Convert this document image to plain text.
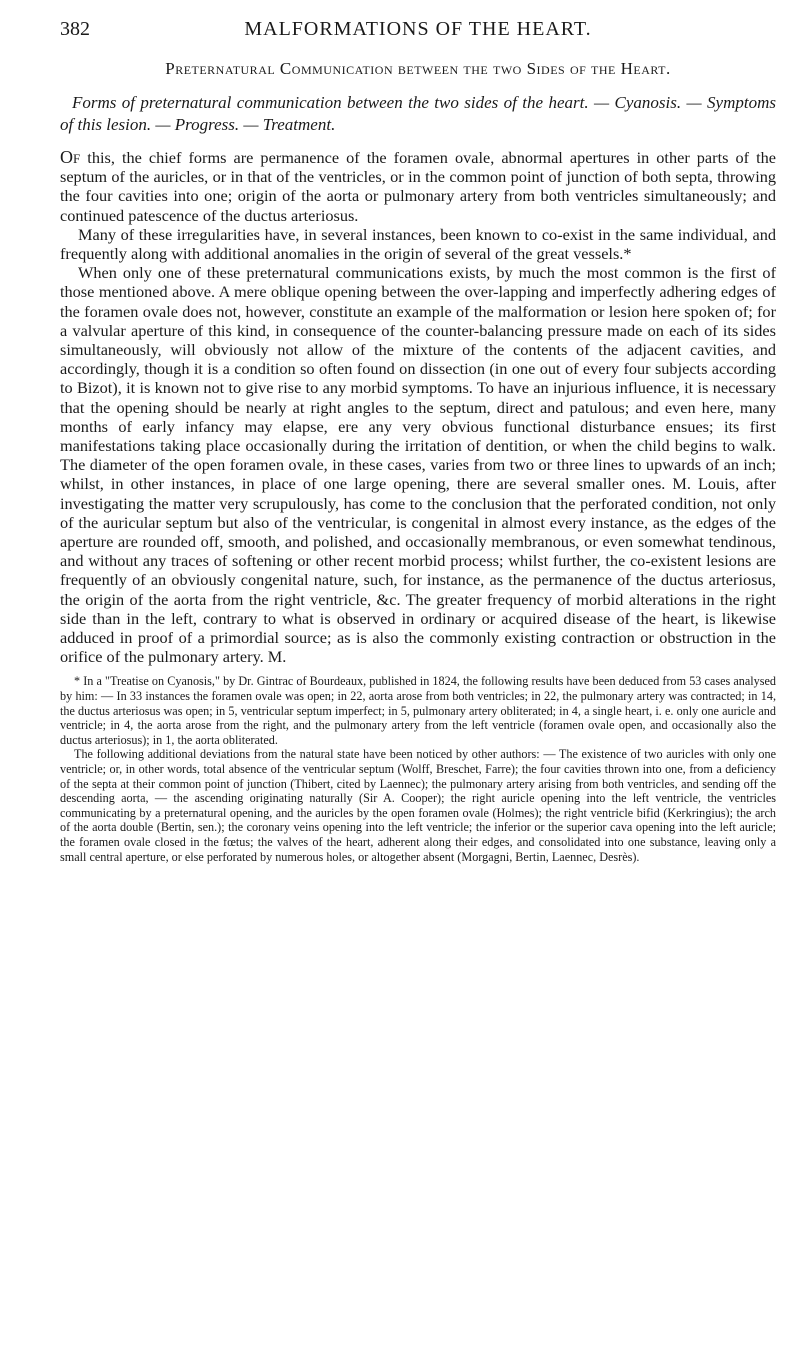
382	MALFORMATIONS OF THE HEART.
Preternatural Communication between the two Sides of the Heart.
Forms of preternatural communication between the two sides of the heart. — Cyanosis. — Symptoms of this lesion. — Progress. — Treatment.

Of this, the chief forms are permanence of the foramen ovale, abnormal apertures in other parts of the septum of the auricles, or in that of the ventricles, or in the common point of junction of both septa, throwing the four cavities into one; origin of the aorta or pulmonary artery from both ventricles simultaneously; and continued patescence of the ductus arteriosus.

Many of these irregularities have, in several instances, been known to co-exist in the same individual, and frequently along with additional anomalies in the origin of several of the great vessels.*

When only one of these preternatural communications exists, by much the most common is the first of those mentioned above. A mere oblique opening between the over-lapping and imperfectly adhering edges of the foramen ovale does not, however, constitute an example of the malformation or lesion here spoken of; for a valvular aperture of this kind, in consequence of the counter-balancing pressure made on each of its sides simultaneously, will obviously not allow of the mixture of the contents of the adjacent cavities, and accordingly, though it is a condition so often found on dissection (in one out of every four subjects according to Bizot), it is known not to give rise to any morbid symptoms. To have an injurious influence, it is necessary that the opening should be nearly at right angles to the septum, direct and patulous; and even here, many months of early infancy may elapse, ere any very obvious functional disturbance ensues; its first manifestations taking place occasionally during the irritation of dentition, or when the child begins to walk. The diameter of the open foramen ovale, in these cases, varies from two or three lines to upwards of an inch; whilst, in other instances, in place of one large opening, there are several smaller ones. M. Louis, after investigating the matter very scrupulously, has come to the conclusion that the perforated condition, not only of the auricular septum but also of the ventricular, is congenital in almost every instance, as the edges of the aperture are rounded off, smooth, and polished, and occasionally membranous, or even somewhat tendinous, and without any traces of softening or other recent morbid process; whilst further, the co-existent lesions are frequently of an obviously congenital nature, such, for instance, as the permanence of the ductus arteriosus, the origin of the aorta from the right ventricle, &c. The greater frequency of morbid alterations in the right side than in the left, contrary to what is observed in ordinary or acquired disease of the heart, is likewise adduced in proof of a primordial source; as is also the commonly existing contraction or obstruction in the orifice of the pulmonary artery. M.

* In a "Treatise on Cyanosis," by Dr. Gintrac of Bourdeaux, published in 1824, the following results have been deduced from 53 cases analysed by him: — In 33 instances the foramen ovale was open; in 22, aorta arose from both ventricles; in 22, the pulmonary artery was contracted; in 14, the ductus arteriosus was open; in 5, ventricular septum imperfect; in 5, pulmonary artery obliterated; in 4, a single heart, i. e. only one auricle and ventricle; in 4, the aorta arose from the right, and the pulmonary artery from the left ventricle (foramen ovale open, and occasionally also the ductus arteriosus); in 1, the aorta obliterated.

The following additional deviations from the natural state have been noticed by other authors: — The existence of two auricles with only one ventricle; or, in other words, total absence of the ventricular septum (Wolff, Breschet, Farre); the four cavities thrown into one, from a deficiency of the septa at their common point of junction (Thibert, cited by Laennec); the pulmonary artery arising from both ventricles, and sending off the descending aorta, — the ascending originating naturally (Sir A. Cooper); the right auricle opening into the left ventricle, the ventricles communicating by a preternatural opening, and the auricles by the open foramen ovale (Holmes); the right ventricle bifid (Kerkringius); the arch of the aorta double (Bertin, sen.); the coronary veins opening into the left ventricle; the inferior or the superior cava opening into the left auricle; the foramen ovale closed in the fœtus; the valves of the heart, adherent along their edges, and consolidated into one substance, leaving only a small central aperture, or else perforated by numerous holes, or altogether absent (Morgagni, Bertin, Laennec, Desrès).
